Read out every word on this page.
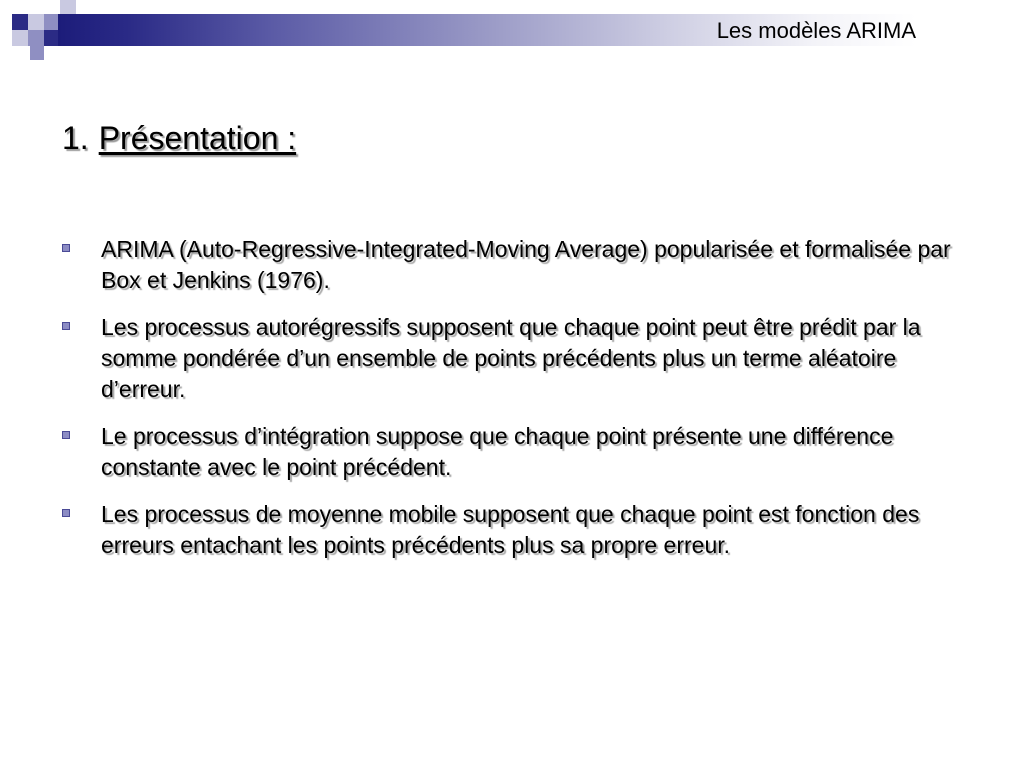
Les modèles ARIMA
1. Présentation :
ARIMA (Auto-Regressive-Integrated-Moving Average) popularisée et formalisée par Box et Jenkins (1976).
Les processus autorégressifs supposent que chaque point peut être prédit par la somme pondérée d’un ensemble de points précédents plus un terme aléatoire d’erreur.
Le processus d’intégration suppose que chaque point présente une différence constante avec le point précédent.
Les processus de moyenne mobile supposent que chaque point est fonction des erreurs entachant les points précédents plus sa propre erreur.
